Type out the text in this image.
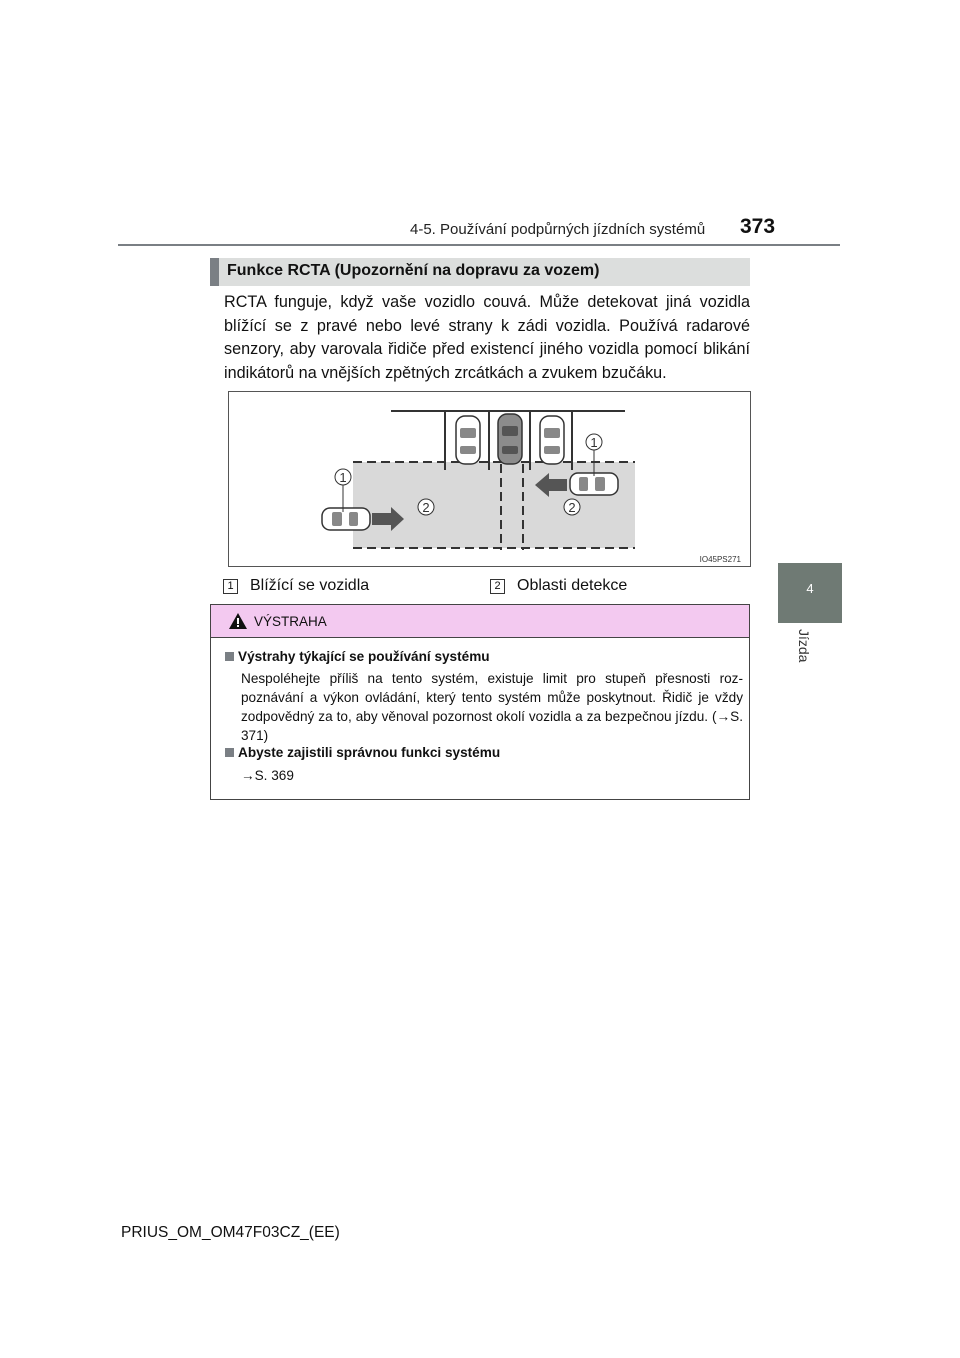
4-5. Používání podpůrných jízdních systémů 373
4
Jízda
Funkce RCTA (Upozornění na dopravu za vozem)
RCTA funguje, když vaše vozidlo couvá. Může detekovat jiná vozidla blížící se z pravé nebo levé strany k zádi vozidla. Používá radarové senzory, aby varovala řidiče před existencí jiného vozidla pomocí blikání indikátorů na vnějších zpětných zrcátkách a zvukem bzučáku.
1
1
2	2
IO45PS271
1 Blížící se vozidla	2 Oblasti detekce
VÝSTRAHA
Výstrahy týkající se používání systému
Nespoléhejte příliš na tento systém, existuje limit pro stupeň přesnosti roz- poznávání a výkon ovládání, který tento systém může poskytnout. Řidič je vždy zodpovědný za to, aby věnoval pozornost okolí vozidla a za bezpečnou jízdu. (→S. 371)
Abyste zajistili správnou funkci systému
→S. 369
PRIUS_OM_OM47F03CZ_(EE)
